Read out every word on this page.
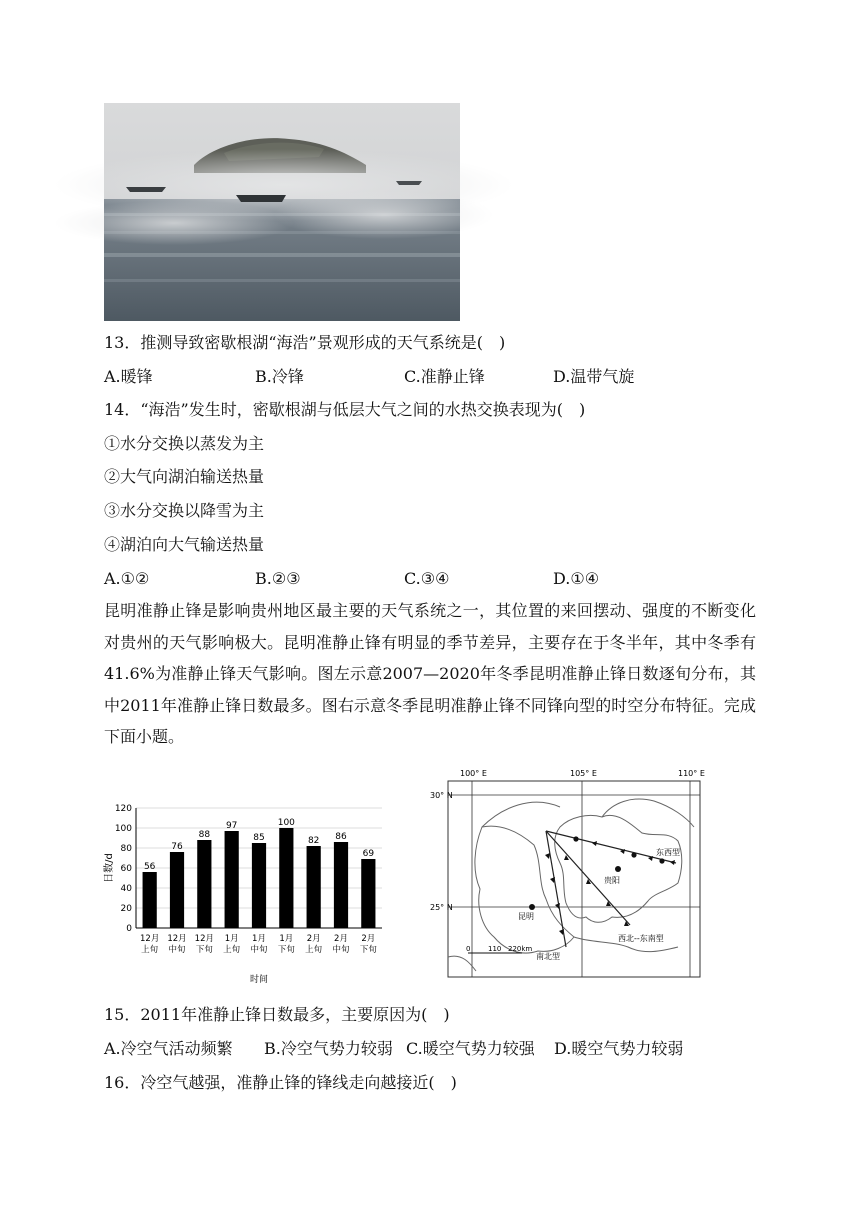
13．推测导致密歇根湖“海浩”景观形成的天气系统是(　)
A.暖锋	B.冷锋	C.准静止锋	D.温带气旋
14．“海浩”发生时，密歇根湖与低层大气之间的水热交换表现为(　)
①水分交换以蒸发为主
②大气向湖泊输送热量
③水分交换以降雪为主
④湖泊向大气输送热量
A.①②	B.②③	C.③④	D.①④
昆明准静止锋是影响贵州地区最主要的天气系统之一，其位置的来回摆动、强度的不断变化对贵州的天气影响极大。昆明准静止锋有明显的季节差异，主要存在于冬半年，其中冬季有41.6%为准静止锋天气影响。图左示意2007—2020年冬季昆明准静止锋日数逐旬分布，其中2011年准静止锋日数最多。图右示意冬季昆明准静止锋不同锋向型的时空分布特征。完成下面小题。
0
20
40
60
80
100
120
56
76
88
97
85
100
82 86
69
12月
上旬
12月
中旬
12月
下旬
1月
上旬
1月
中旬
1月
下旬
2月
上旬
2月
中旬
2月
下旬
日数/d
时间
100° E	105° E	110° E
30° N
25° N
贵阳
昆明
东西型
南北型
西北--东南型
0	110 220km
15．2011年准静止锋日数最多，主要原因为(　)
A.冷空气活动频繁 B.冷空气势力较弱 C.暖空气势力较强 D.暖空气势力较弱
16．冷空气越强，准静止锋的锋线走向越接近(　)
